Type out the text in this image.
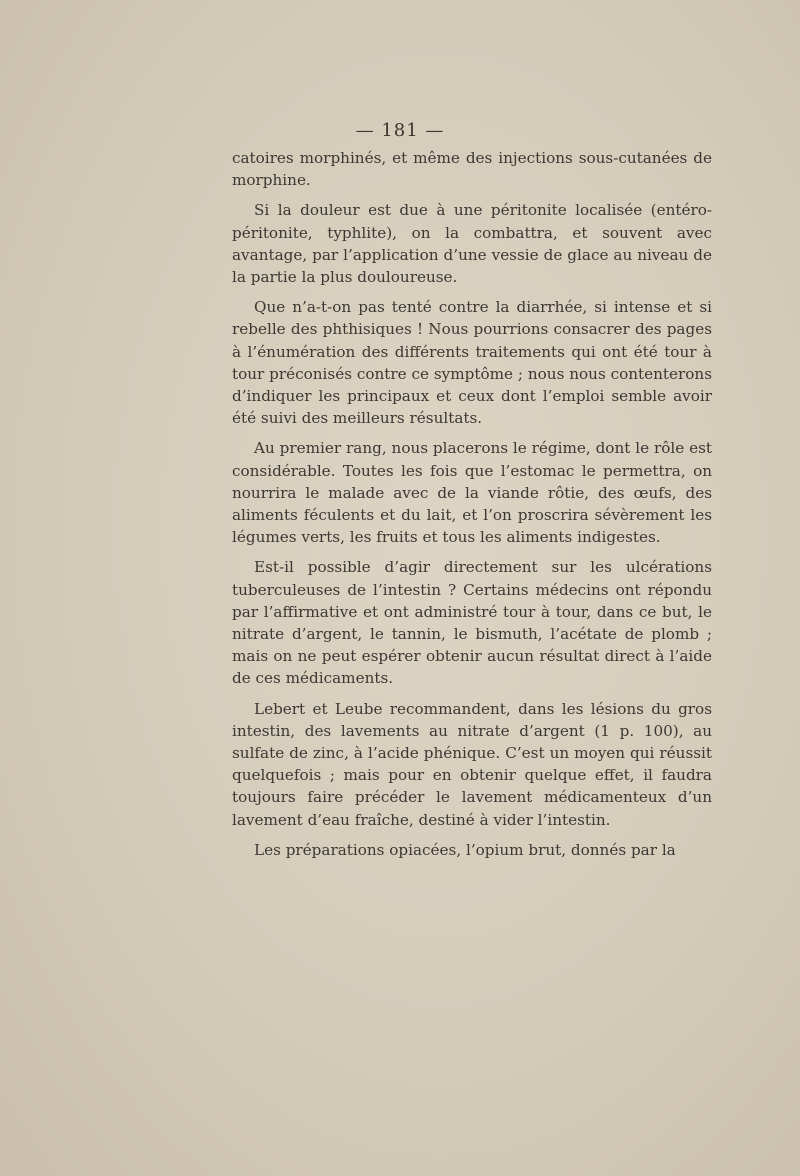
— 181 —

catoires morphinés, et même des injections sous-cutanées de morphine.

Si la douleur est due à une péritonite localisée (entéro-péritonite, typhlite), on la combattra, et souvent avec avantage, par l’application d’une vessie de glace au niveau de la partie la plus douloureuse.

Que n’a-t-on pas tenté contre la diarrhée, si intense et si rebelle des phthisiques ! Nous pourrions consacrer des pages à l’énumération des différents traitements qui ont été tour à tour préconisés contre ce symptôme ; nous nous contenterons d’indiquer les principaux et ceux dont l’emploi semble avoir été suivi des meilleurs résultats.

Au premier rang, nous placerons le régime, dont le rôle est considérable. Toutes les fois que l’estomac le permettra, on nourrira le malade avec de la viande rôtie, des œufs, des aliments féculents et du lait, et l’on proscrira sévèrement les légumes verts, les fruits et tous les aliments indigestes.

Est-il possible d’agir directement sur les ulcérations tuberculeuses de l’intestin ? Certains médecins ont répondu par l’affirmative et ont administré tour à tour, dans ce but, le nitrate d’argent, le tannin, le bismuth, l’acétate de plomb ; mais on ne peut espérer obtenir aucun résultat direct à l’aide de ces médicaments.

Lebert et Leube recommandent, dans les lésions du gros intestin, des lavements au nitrate d’argent (1 p. 100), au sulfate de zinc, à l’acide phénique. C’est un moyen qui réussit quelquefois ; mais pour en obtenir quelque effet, il faudra toujours faire précéder le lavement médicamenteux d’un lavement d’eau fraîche, destiné à vider l’intestin.

Les préparations opiacées, l’opium brut, donnés par la
